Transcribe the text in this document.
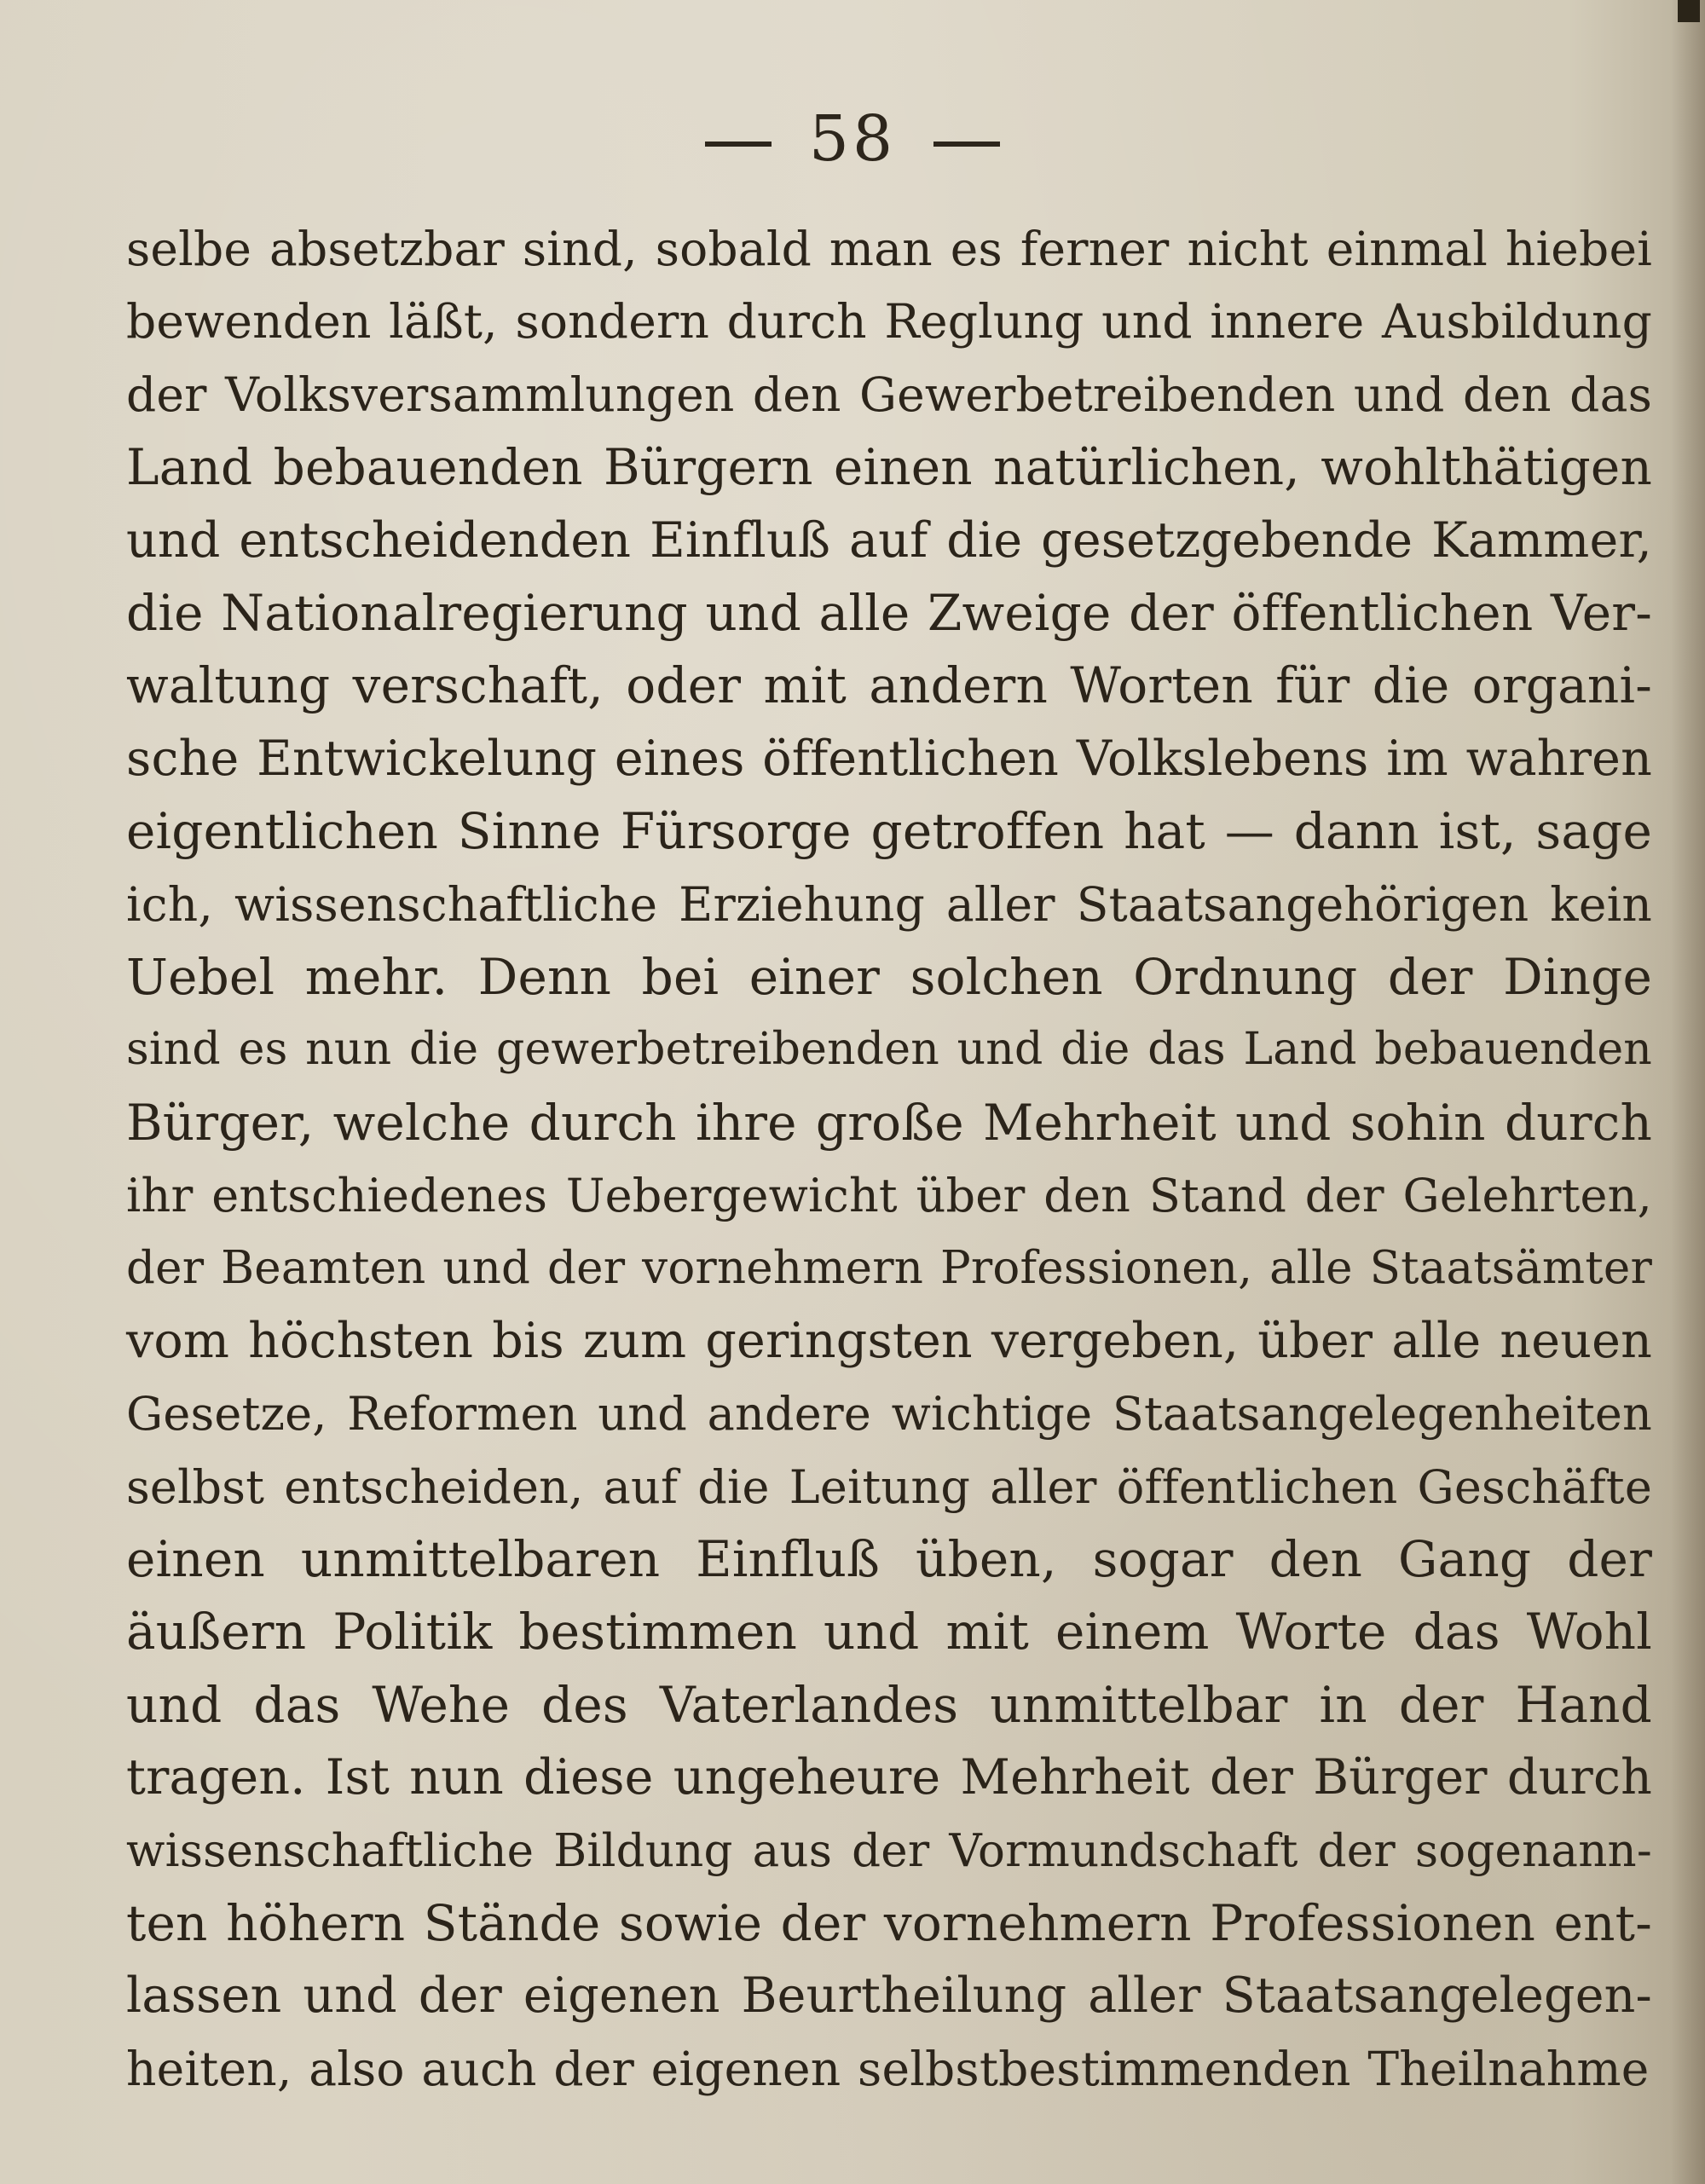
58
selbe absetzbar sind, sobald man es ferner nicht einmal hiebei
bewenden läßt, sondern durch Reglung und innere Ausbildung
der Volksversammlungen den Gewerbetreibenden und den das
Land bebauenden Bürgern einen natürlichen, wohlthätigen
und entscheidenden Einfluß auf die gesetzgebende Kammer,
die Nationalregierung und alle Zweige der öffentlichen Ver-
waltung verschaft, oder mit andern Worten für die organi-
sche Entwickelung eines öffentlichen Volkslebens im wahren
eigentlichen Sinne Fürsorge getroffen hat — dann ist, sage
ich, wissenschaftliche Erziehung aller Staatsangehörigen kein
Uebel mehr. Denn bei einer solchen Ordnung der Dinge
sind es nun die gewerbetreibenden und die das Land bebauenden
Bürger, welche durch ihre große Mehrheit und sohin durch
ihr entschiedenes Uebergewicht über den Stand der Gelehrten,
der Beamten und der vornehmern Professionen, alle Staatsämter
vom höchsten bis zum geringsten vergeben, über alle neuen
Gesetze, Reformen und andere wichtige Staatsangelegenheiten
selbst entscheiden, auf die Leitung aller öffentlichen Geschäfte
einen unmittelbaren Einfluß üben, sogar den Gang der
äußern Politik bestimmen und mit einem Worte das Wohl
und das Wehe des Vaterlandes unmittelbar in der Hand
tragen. Ist nun diese ungeheure Mehrheit der Bürger durch
wissenschaftliche Bildung aus der Vormundschaft der sogenann-
ten höhern Stände sowie der vornehmern Professionen ent-
lassen und der eigenen Beurtheilung aller Staatsangelegen-
heiten, also auch der eigenen selbstbestimmenden Theilnahme
